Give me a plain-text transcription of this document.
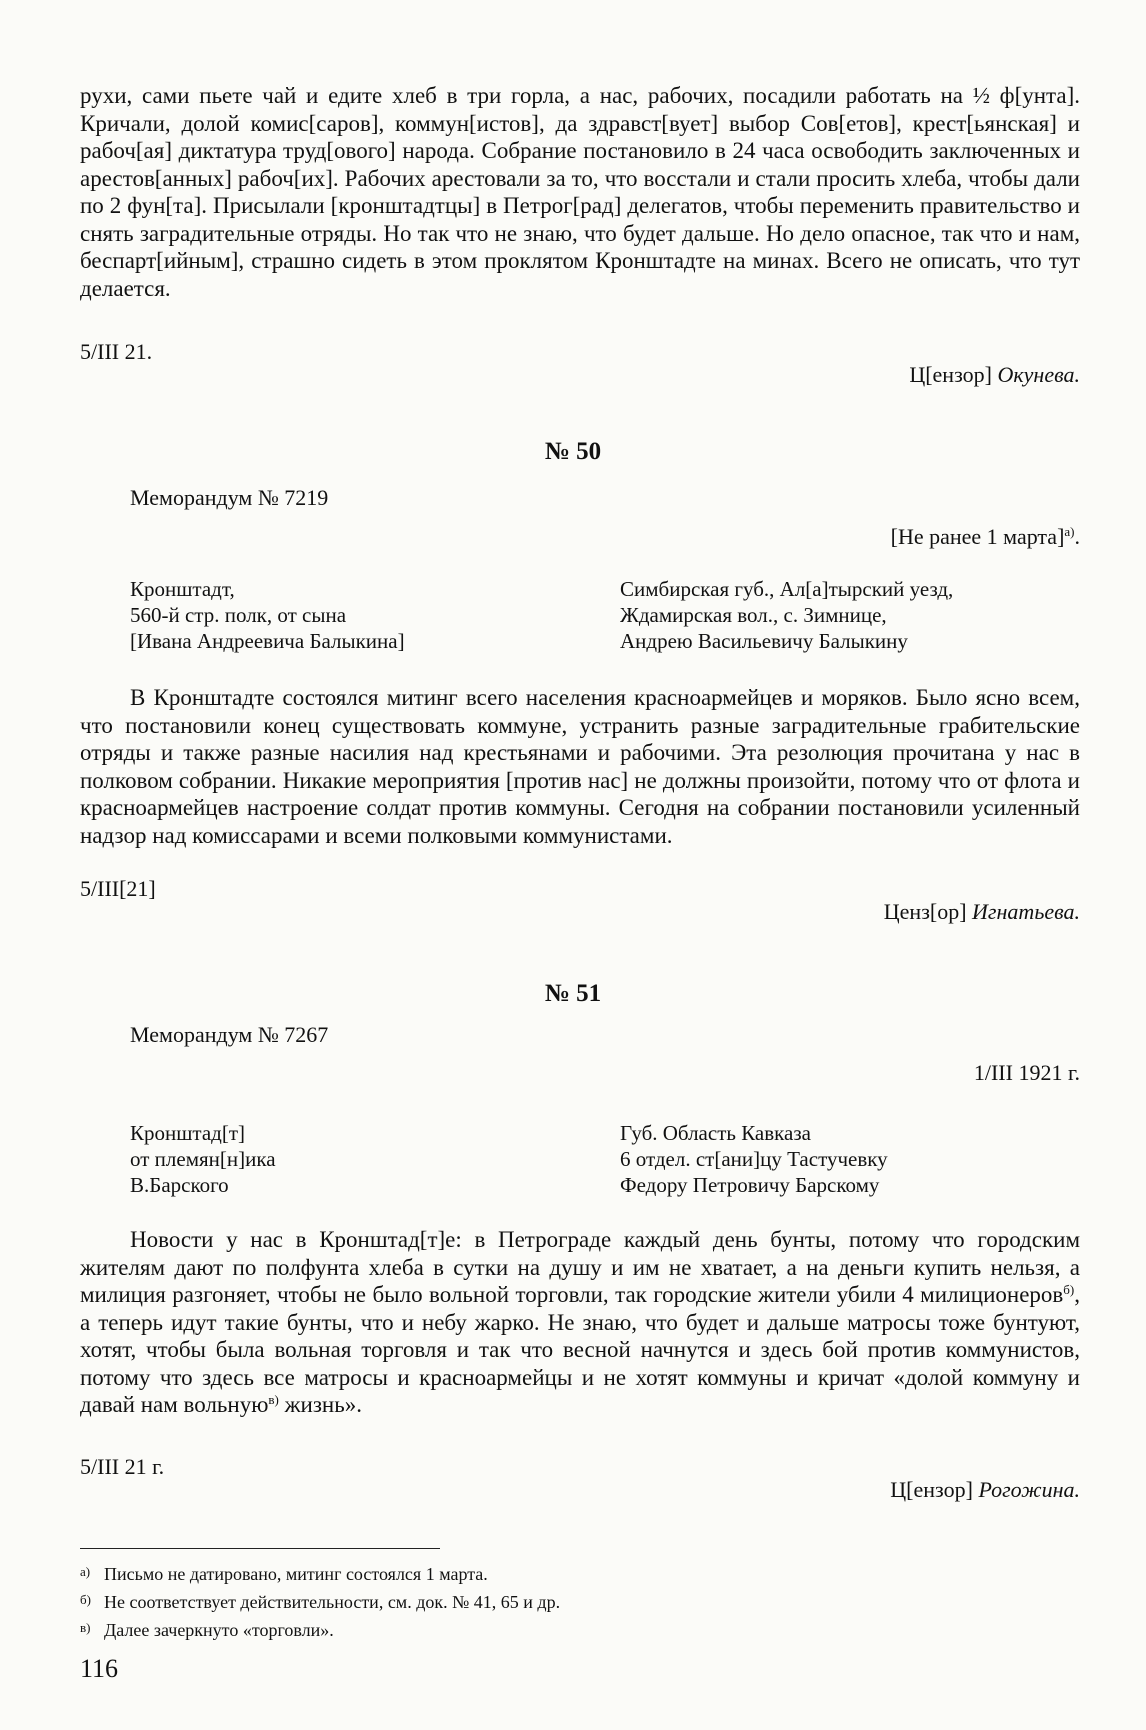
рухи, сами пьете чай и едите хлеб в три горла, а нас, рабочих, посадили работать на ½ ф[унта]. Кричали, долой комис[саров], коммун[истов], да здравст[вует] выбор Сов[етов], крест[ьянская] и рабоч[ая] диктатура труд[ового] народа. Собрание постановило в 24 часа освободить заключенных и арестов[анных] рабоч[их]. Рабочих арестовали за то, что восстали и стали просить хлеба, чтобы дали по 2 фун[та]. Присылали [кронштадтцы] в Петрог[рад] делегатов, чтобы переменить правительство и снять заградительные отряды. Но так что не знаю, что будет дальше. Но дело опасное, так что и нам, беспарт[ийным], страшно сидеть в этом проклятом Кронштадте на минах. Всего не описать, что тут делается.
5/III 21.
Ц[ензор] Окунева.
№ 50
Меморандум № 7219
[Не ранее 1 марта]$^{а)}$.
Кронштадт,
560-й стр. полк, от сына
[Ивана Андреевича Балыкина]
Симбирская губ., Ал[а]тырский уезд,
Ждамирская вол., с. Зимнице,
Андрею Васильевичу Балыкину
В Кронштадте состоялся митинг всего населения красноармейцев и моряков. Было ясно всем, что постановили конец существовать коммуне, устранить разные заградительные грабительские отряды и также разные насилия над крестьянами и рабочими. Эта резолюция прочитана у нас в полковом собрании. Никакие мероприятия [против нас] не должны произойти, потому что от флота и красноармейцев настроение солдат против коммуны. Сегодня на собрании постановили усиленный надзор над комиссарами и всеми полковыми коммунистами.
5/III[21]
Ценз[ор] Игнатьева.
№ 51
Меморандум № 7267
1/III 1921 г.
Кронштад[т]
от племян[н]ика
В.Барского
Губ. Область Кавказа
6 отдел. ст[ани]цу Тастучевку
Федору Петровичу Барскому
Новости у нас в Кронштад[т]е: в Петрограде каждый день бунты, потому что городским жителям дают по полфунта хлеба в сутки на душу и им не хватает, а на деньги купить нельзя, а милиция разгоняет, чтобы не было вольной торговли, так городские жители убили 4 милиционеров$^{б)}$, а теперь идут такие бунты, что и небу жарко. Не знаю, что будет и дальше матросы тоже бунтуют, хотят, чтобы была вольная торговля и так что весной начнутся и здесь бой против коммунистов, потому что здесь все матросы и красноармейцы и не хотят коммуны и кричат «долой коммуну и давай нам вольную$^{в)}$ жизнь».
5/III 21 г.
Ц[ензор] Рогожина.
а) Письмо не датировано, митинг состоялся 1 марта.
б) Не соответствует действительности, см. док. № 41, 65 и др.
в) Далее зачеркнуто «торговли».
116
